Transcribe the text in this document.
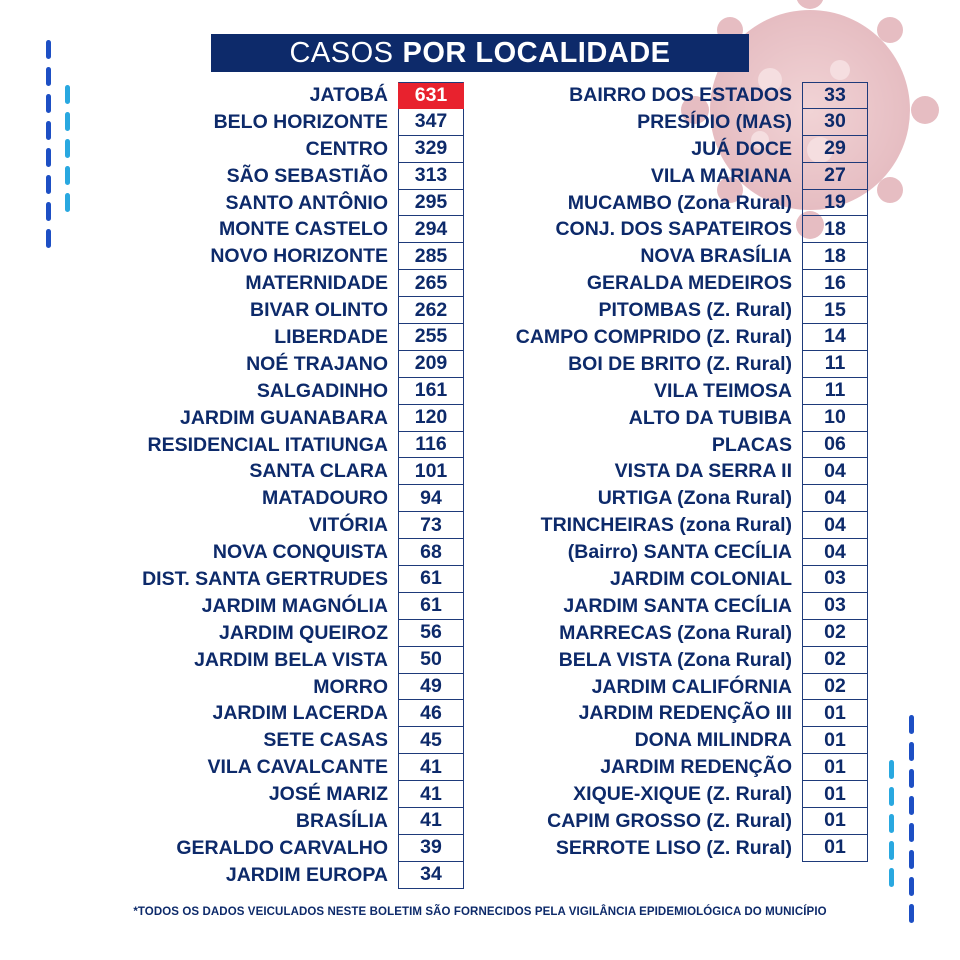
CASOS POR LOCALIDADE
JATOBÁ	631
BELO HORIZONTE	347
CENTRO	329
SÃO SEBASTIÃO	313
SANTO ANTÔNIO	295
MONTE CASTELO	294
NOVO HORIZONTE	285
MATERNIDADE	265
BIVAR OLINTO	262
LIBERDADE	255
NOÉ TRAJANO	209
SALGADINHO	161
JARDIM GUANABARA	120
RESIDENCIAL ITATIUNGA	116
SANTA CLARA	101
MATADOURO	94
VITÓRIA	73
NOVA CONQUISTA	68
DIST. SANTA GERTRUDES	61
JARDIM MAGNÓLIA	61
JARDIM QUEIROZ	56
JARDIM BELA VISTA	50
MORRO	49
JARDIM LACERDA	46
SETE CASAS	45
VILA CAVALCANTE	41
JOSÉ MARIZ	41
BRASÍLIA	41
GERALDO CARVALHO	39
JARDIM EUROPA	34
BAIRRO DOS ESTADOS	33
PRESÍDIO (MAS)	30
JUÁ DOCE	29
VILA MARIANA	27
MUCAMBO (Zona Rural)	19
CONJ. DOS SAPATEIROS	18
NOVA BRASÍLIA	18
GERALDA MEDEIROS	16
PITOMBAS (Z. Rural)	15
CAMPO COMPRIDO (Z. Rural)	14
BOI DE BRITO (Z. Rural)	11
VILA TEIMOSA	11
ALTO DA TUBIBA	10
PLACAS	06
VISTA DA SERRA II	04
URTIGA (Zona Rural)	04
TRINCHEIRAS (zona Rural)	04
(Bairro) SANTA CECÍLIA	04
JARDIM COLONIAL	03
JARDIM SANTA CECÍLIA	03
MARRECAS (Zona Rural)	02
BELA VISTA (Zona Rural)	02
JARDIM CALIFÓRNIA	02
JARDIM REDENÇÃO III	01
DONA MILINDRA	01
JARDIM REDENÇÃO	01
XIQUE-XIQUE (Z. Rural)	01
CAPIM GROSSO (Z. Rural)	01
SERROTE LISO (Z. Rural)	01
*TODOS OS DADOS VEICULADOS NESTE BOLETIM SÃO FORNECIDOS PELA VIGILÂNCIA EPIDEMIOLÓGICA DO MUNICÍPIO
